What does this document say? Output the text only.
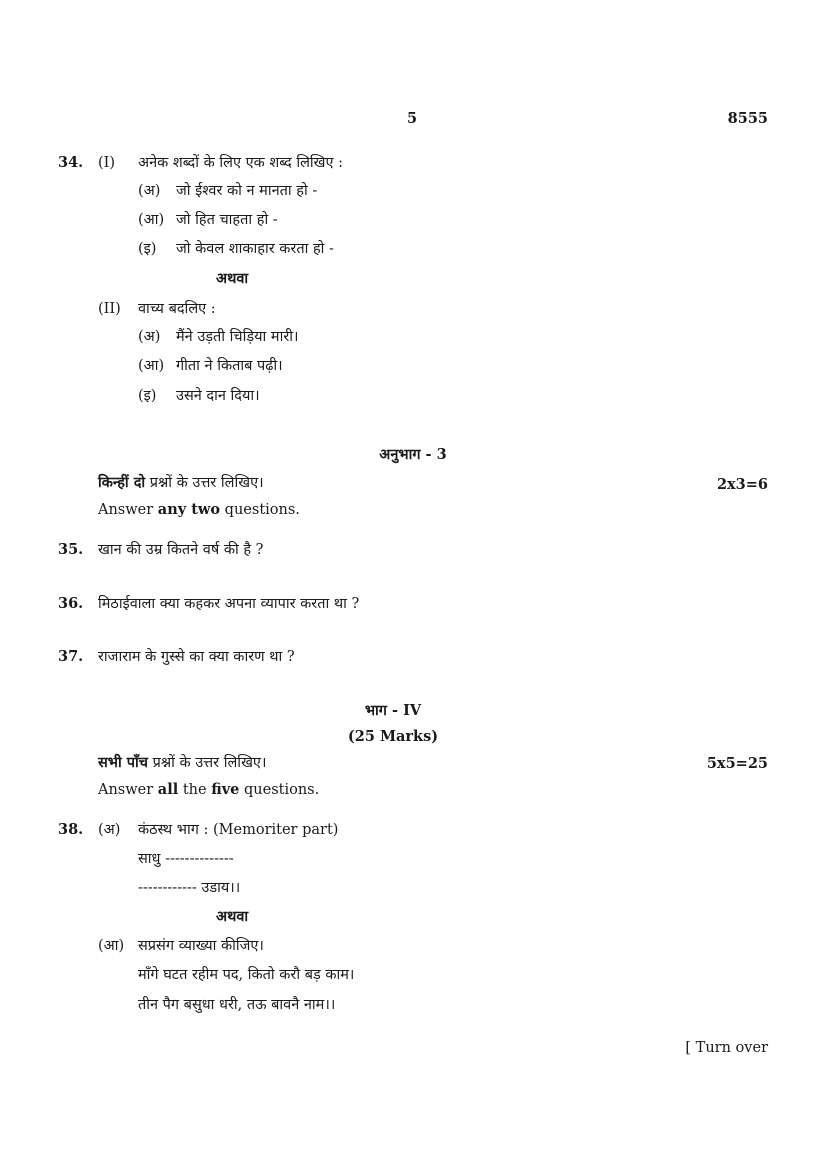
5	8555
34. (I) अनेक शब्दों के लिए एक शब्द लिखिए :
(अ) जो ईश्वर को न मानता हो -
(आ) जो हित चाहता हो -
(इ) जो केवल शाकाहार करता हो -
अथवा
(II) वाच्य बदलिए :
(अ) मैंने उड़ती चिड़िया मारी।
(आ) गीता ने किताब पढ़ी।
(इ) उसने दान दिया।
अनुभाग - 3
किन्हीं दो प्रश्नों के उत्तर लिखिए।	2x3=6
Answer any two questions.
35. खान की उम्र कितने वर्ष की है ?
36. मिठाईवाला क्या कहकर अपना व्यापार करता था ?
37. राजाराम के गुस्से का क्या कारण था ?
भाग - IV
(25 Marks)
सभी पाँच प्रश्नों के उत्तर लिखिए।	5x5=25
Answer all the five questions.
38. (अ) कंठस्थ भाग : (Memoriter part)
साधु --------------
------------ उडाय।।
अथवा
(आ) सप्रसंग व्याख्या कीजिए।
माँगे घटत रहीम पद, कितो करौ बड़ काम।
तीन पैग बसुधा धरी, तऊ बावनै नाम।।
[ Turn over
